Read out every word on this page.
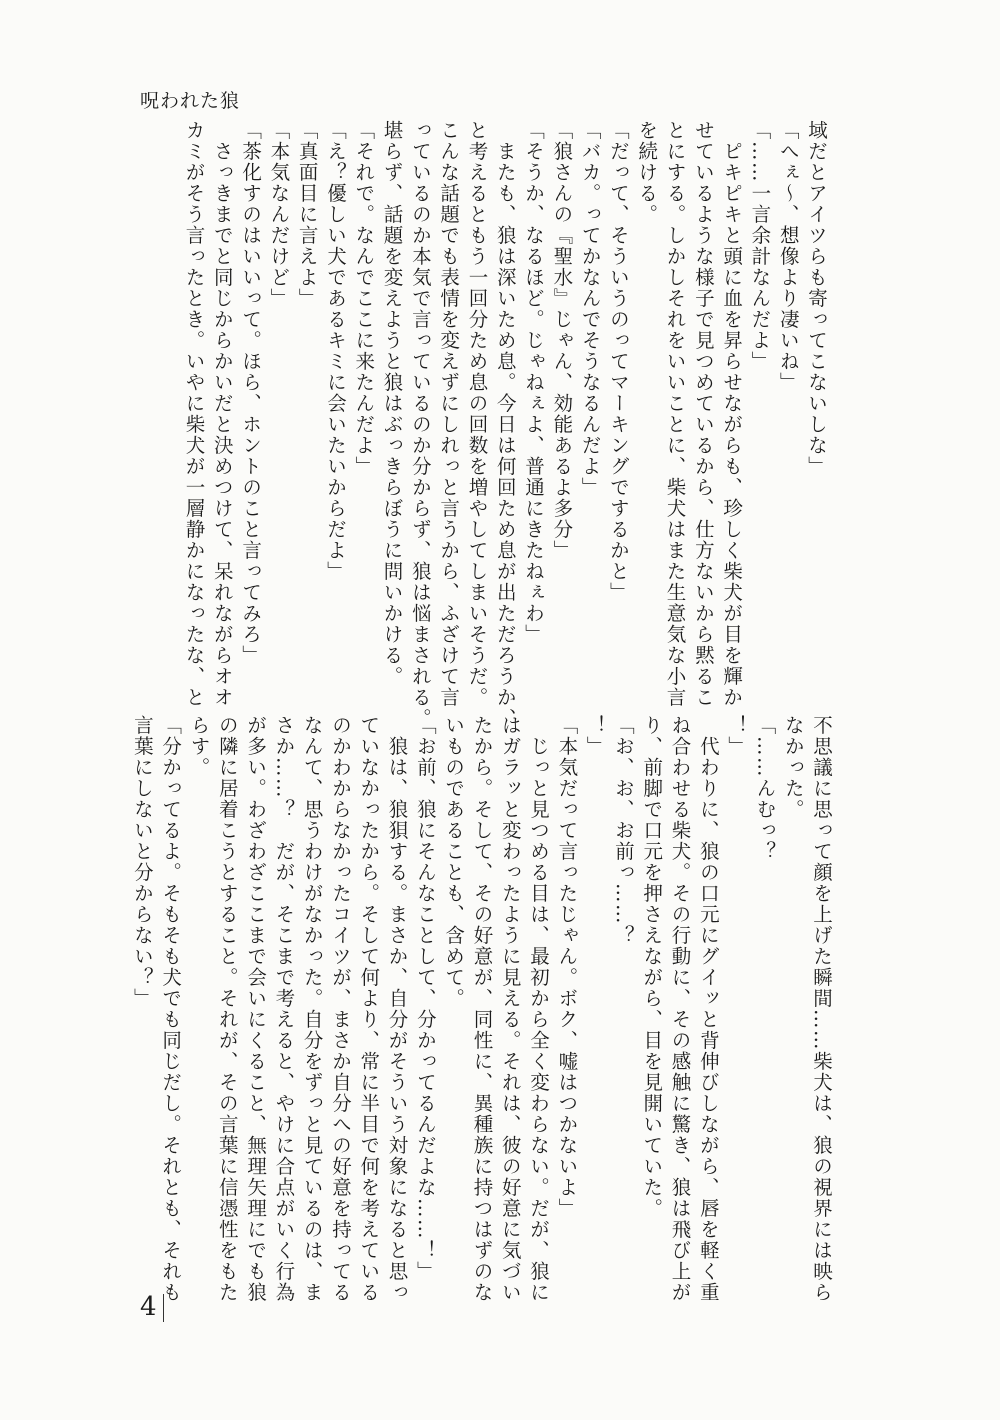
呪われた狼
域だとアイツらも寄ってこないしな」
「へぇ～、想像より凄いね」
「……一言余計なんだよ」
　ピキピキと頭に血を昇らせながらも、珍しく柴犬が目を輝か
せているような様子で見つめているから、仕方ないから黙るこ
とにする。しかしそれをいいことに、柴犬はまた生意気な小言
を続ける。
「だって、そういうのってマーキングでするかと」
「バカ。ってかなんでそうなるんだよ」
「狼さんの『聖水』じゃん、効能あるよ多分」
「そうか、なるほど。じゃねぇよ、普通にきたねぇわ」
　またも、狼は深いため息。今日は何回ため息が出ただろうか、
と考えるともう一回分ため息の回数を増やしてしまいそうだ。
こんな話題でも表情を変えずにしれっと言うから、ふざけて言
っているのか本気で言っているのか分からず、狼は悩まされる。
堪らず、話題を変えようと狼はぶっきらぼうに問いかける。
「それで。なんでここに来たんだよ」
「え？優しい犬であるキミに会いたいからだよ」
「真面目に言えよ」
「本気なんだけど」
「茶化すのはいいって。ほら、ホントのこと言ってみろ」
　さっきまでと同じからかいだと決めつけて、呆れながらオオ
カミがそう言ったとき。いやに柴犬が一層静かになったな、と
不思議に思って顔を上げた瞬間……柴犬は、狼の視界には映ら
なかった。
「……んむっ？
！」
　代わりに、狼の口元にグイッと背伸びしながら、唇を軽く重
ね合わせる柴犬。その行動に、その感触に驚き、狼は飛び上が
り、前脚で口元を押さえながら、目を見開いていた。
「お、お、お前っ……？
！」
「本気だって言ったじゃん。ボク、嘘はつかないよ」
　じっと見つめる目は、最初から全く変わらない。だが、狼に
はガラッと変わったように見える。それは、彼の好意に気づい
たから。そして、その好意が、同性に、異種族に持つはずのな
いものであることも、含めて。
「お前、狼にそんなことして、分かってるんだよな……！」
　狼は、狼狽する。まさか、自分がそういう対象になると思っ
ていなかったから。そして何より、常に半目で何を考えている
のかわからなかったコイツが、まさか自分への好意を持ってる
なんて、思うわけがなかった。自分をずっと見ているのは、ま
さか……？　だが、そこまで考えると、やけに合点がいく行為
が多い。わざわざここまで会いにくること、無理矢理にでも狼
の隣に居着こうとすること。それが、その言葉に信憑性をもた
らす。
「分かってるよ。そもそも犬でも同じだし。それとも、それも
言葉にしないと分からない？」
4
